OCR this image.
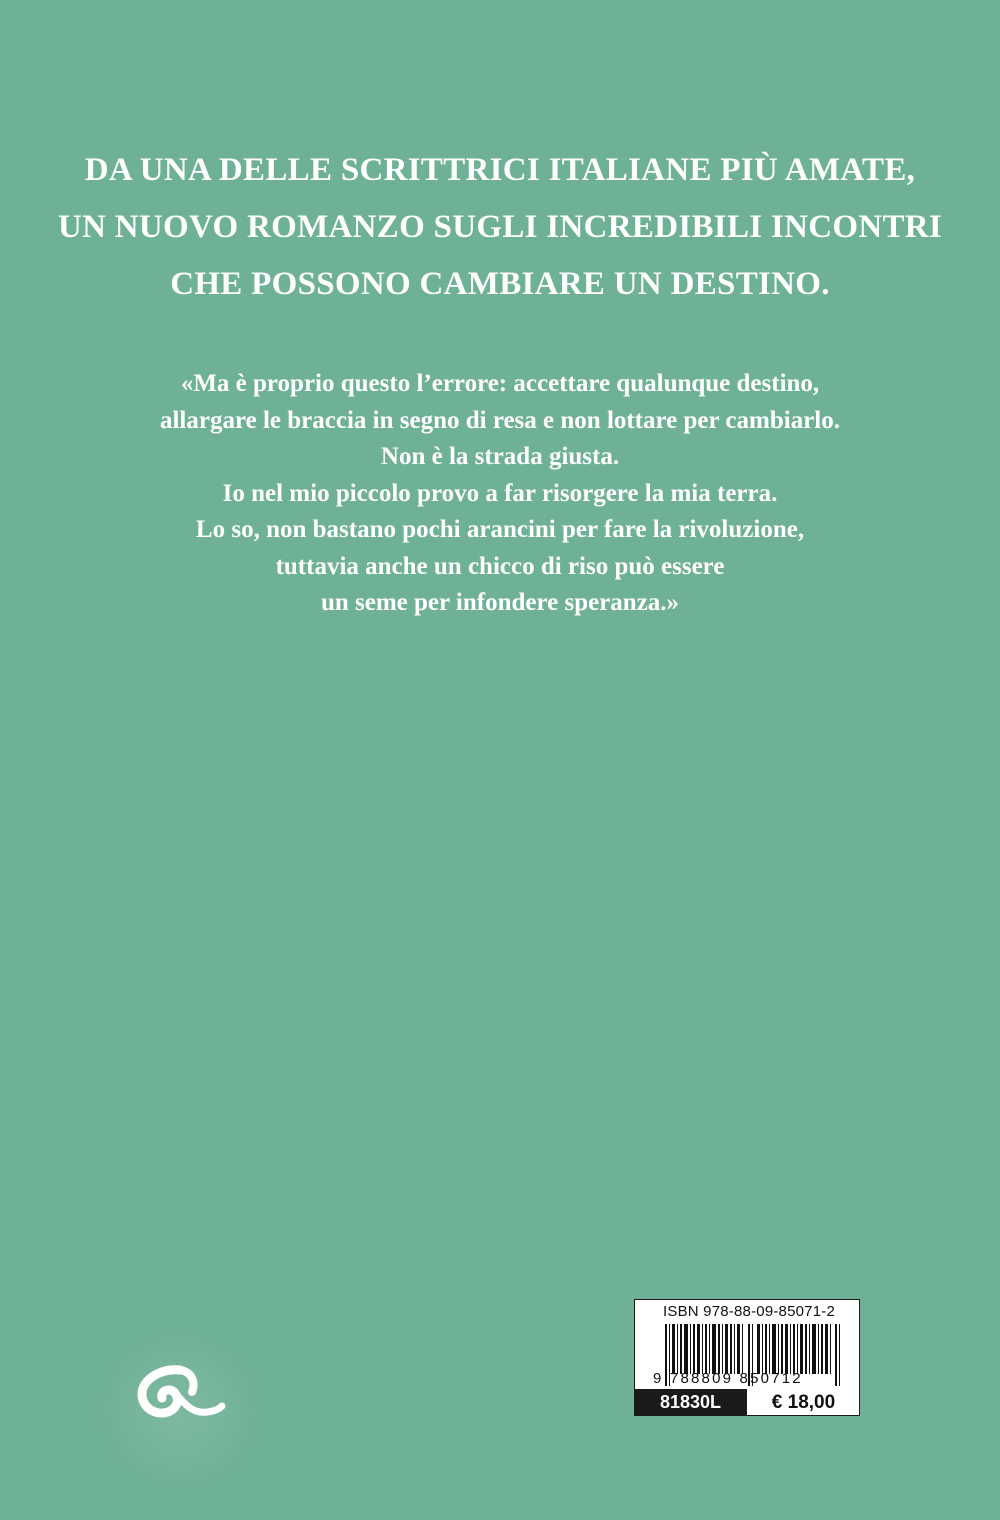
DA UNA DELLE SCRITTRICI ITALIANE PIÙ AMATE,
UN NUOVO ROMANZO SUGLI INCREDIBILI INCONTRI
CHE POSSONO CAMBIARE UN DESTINO.
«Ma è proprio questo l’errore: accettare qualunque destino,
allargare le braccia in segno di resa e non lottare per cambiarlo.
Non è la strada giusta.
Io nel mio piccolo provo a far risorgere la mia terra.
Lo so, non bastano pochi arancini per fare la rivoluzione,
tuttavia anche un chicco di riso può essere
un seme per infondere speranza.»
ISBN 978-88-09-85071-2
9 788809 850712
81830L	€ 18,00
